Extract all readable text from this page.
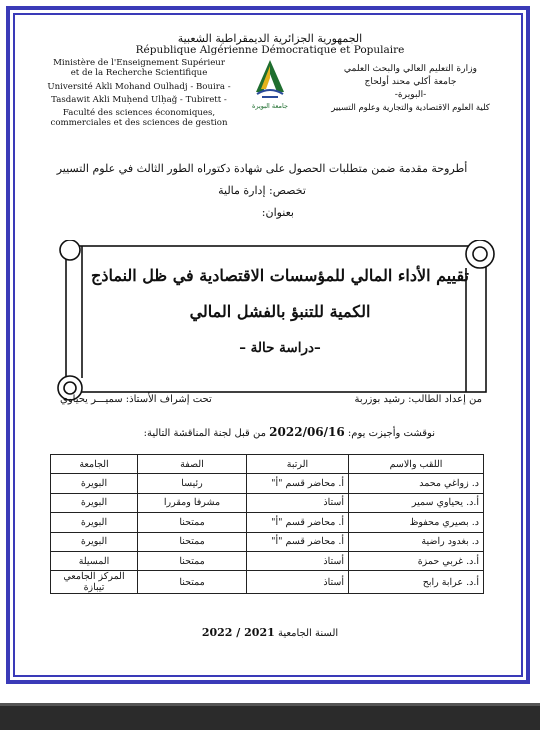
الجمهورية الجزائرية الديمقراطية الشعبية
République Algérienne Démocratique et Populaire
Ministère de l'Enseignement Supérieur
et de la Recherche Scientifique
Université Akli Mohand Oulhadj - Bouira -
Tasdawit Akli Muḥend Ulḥağ - Tubirett -
Faculté des sciences économiques,
commerciales et des sciences de gestion
جامعة البويرة
وزارة التعليم العالي والبحث العلمي
جامعة أكلي محند أولحاج
-البويرة-
كلية العلوم الاقتصادية والتجارية وعلوم التسيير
أطروحة مقدمة ضمن متطلبات الحصول على شهادة دكتوراه الطور الثالث في علوم التسيير
تخصص: إدارة مالية
بعنوان:
تقييم الأداء المالي للمؤسسات الاقتصادية في ظل النماذج
الكمية للتنبؤ بالفشل المالي
–دراسة حالة –
من إعداد الطالب: رشيد بوزربة
تحت إشراف الأستاذ: سميـــر يحياوي
نوقشت وأجيزت يوم: 2022/06/16 من قبل لجنة المناقشة التالية:
اللقب والاسم	الرتبة	الصفة	الجامعة
د. زواغي محمد	أ. محاضر قسم "أ"	رئيسا	البويرة
أ.د. يحياوي سمير	أستاذ	مشرفا ومقررا	البويرة
د. بصيري محفوظ	أ. محاضر قسم "أ"	ممتحنا	البويرة
د. بغدود راضية	أ. محاضر قسم "أ"	ممتحنا	البويرة
أ.د. غربي حمزة	أستاذ	ممتحنا	المسيلة
أ.د. عرابة رابح	أستاذ	ممتحنا	المركز الجامعي تيبازة
السنة الجامعية 2021 / 2022
